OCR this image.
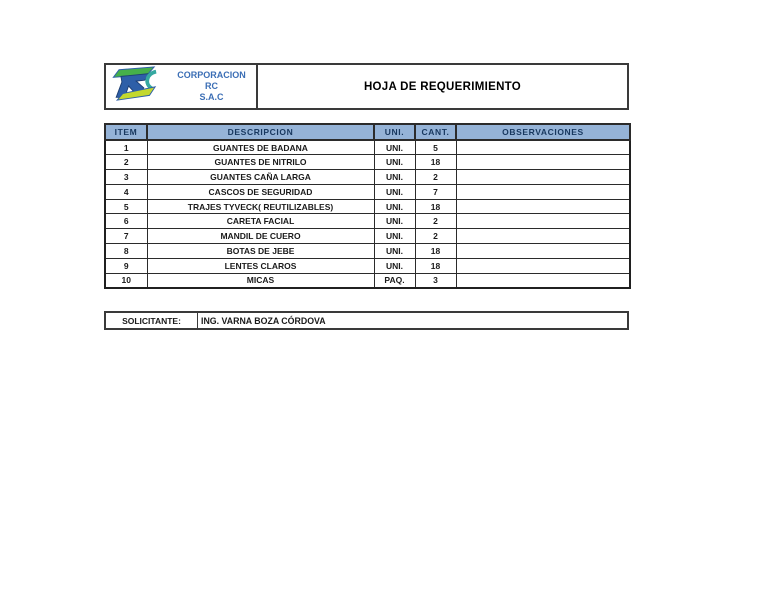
CORPORACION RC
S.A.C
HOJA DE REQUERIMIENTO
ITEM	DESCRIPCION	UNI.	CANT.	OBSERVACIONES
1	GUANTES DE BADANA	UNI.	5	
2	GUANTES DE NITRILO	UNI.	18	
3	GUANTES CAÑA LARGA	UNI.	2	
4	CASCOS DE SEGURIDAD	UNI.	7	
5	TRAJES TYVECK( REUTILIZABLES)	UNI.	18	
6	CARETA FACIAL	UNI.	2	
7	MANDIL DE CUERO	UNI.	2	
8	BOTAS DE JEBE	UNI.	18	
9	LENTES CLAROS	UNI.	18	
10	MICAS	PAQ.	3	
SOLICITANTE:	ING. VARNA BOZA CÓRDOVA
